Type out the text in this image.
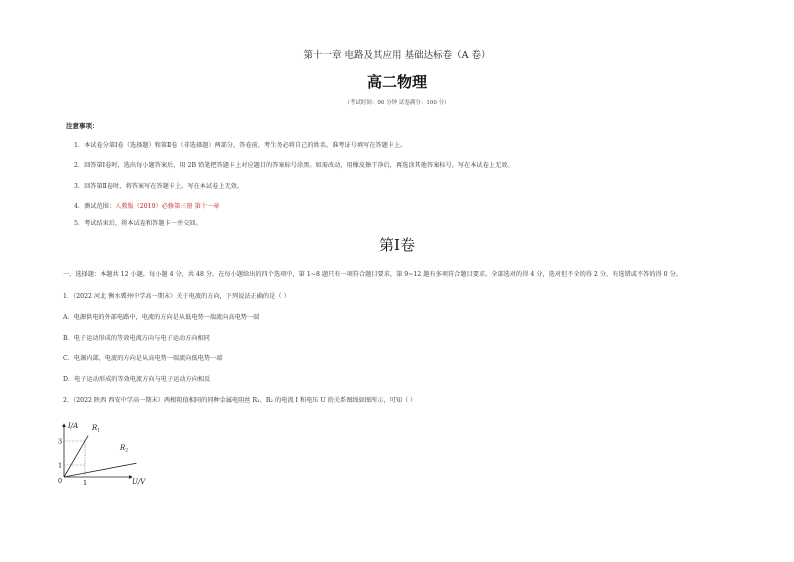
第十一章 电路及其应用 基础达标卷（A 卷）
高二物理
（考试时间：90 分钟 试卷满分：100 分）
注意事项：
1．本试卷分第Ⅰ卷（选择题）和第Ⅱ卷（非选择题）两部分。答卷前，考生务必将自己的姓名、准考证号填写在答题卡上。
2．回答第Ⅰ卷时，选出每小题答案后，用 2B 铅笔把答题卡上对应题目的答案标号涂黑。如需改动，用橡皮擦干净后，再选涂其他答案标号。写在本试卷上无效。
3．回答第Ⅱ卷时，将答案写在答题卡上。写在本试卷上无效。
4．测试范围：人教版（2019）必修第三册 第十一章
5．考试结束后，将本试卷和答题卡一并交回。
第Ⅰ卷
一、选择题：本题共 12 小题，每小题 4 分，共 48 分。在每小题给出的四个选项中，第 1~8 题只有一项符合题目要求，第 9~12 题有多项符合题目要求。全部选对的得 4 分，选对但不全的得 2 分，有选错或不答的得 0 分。
1．（2022 河北 衡水冀州中学高一期末）关于电流的方向，下列说法正确的是（ ）
A．电源供电的外部电路中，电流的方向是从低电势一端流向高电势一端
B．电子运动形成的等效电流方向与电子运动方向相同
C．电源内部，电流的方向是从高电势一端流向低电势一端
D．电子运动形成的等效电流方向与电子运动方向相反
2．（2022 陕西 西安中学高一期末）两根阻值相同的同种金属电阻丝 R₁、R₂ 的电流 I 和电压 U 的关系图线如图所示，可知（ ）
I/A
U/V
0
3
1
1
$R_1$
$R_2$
